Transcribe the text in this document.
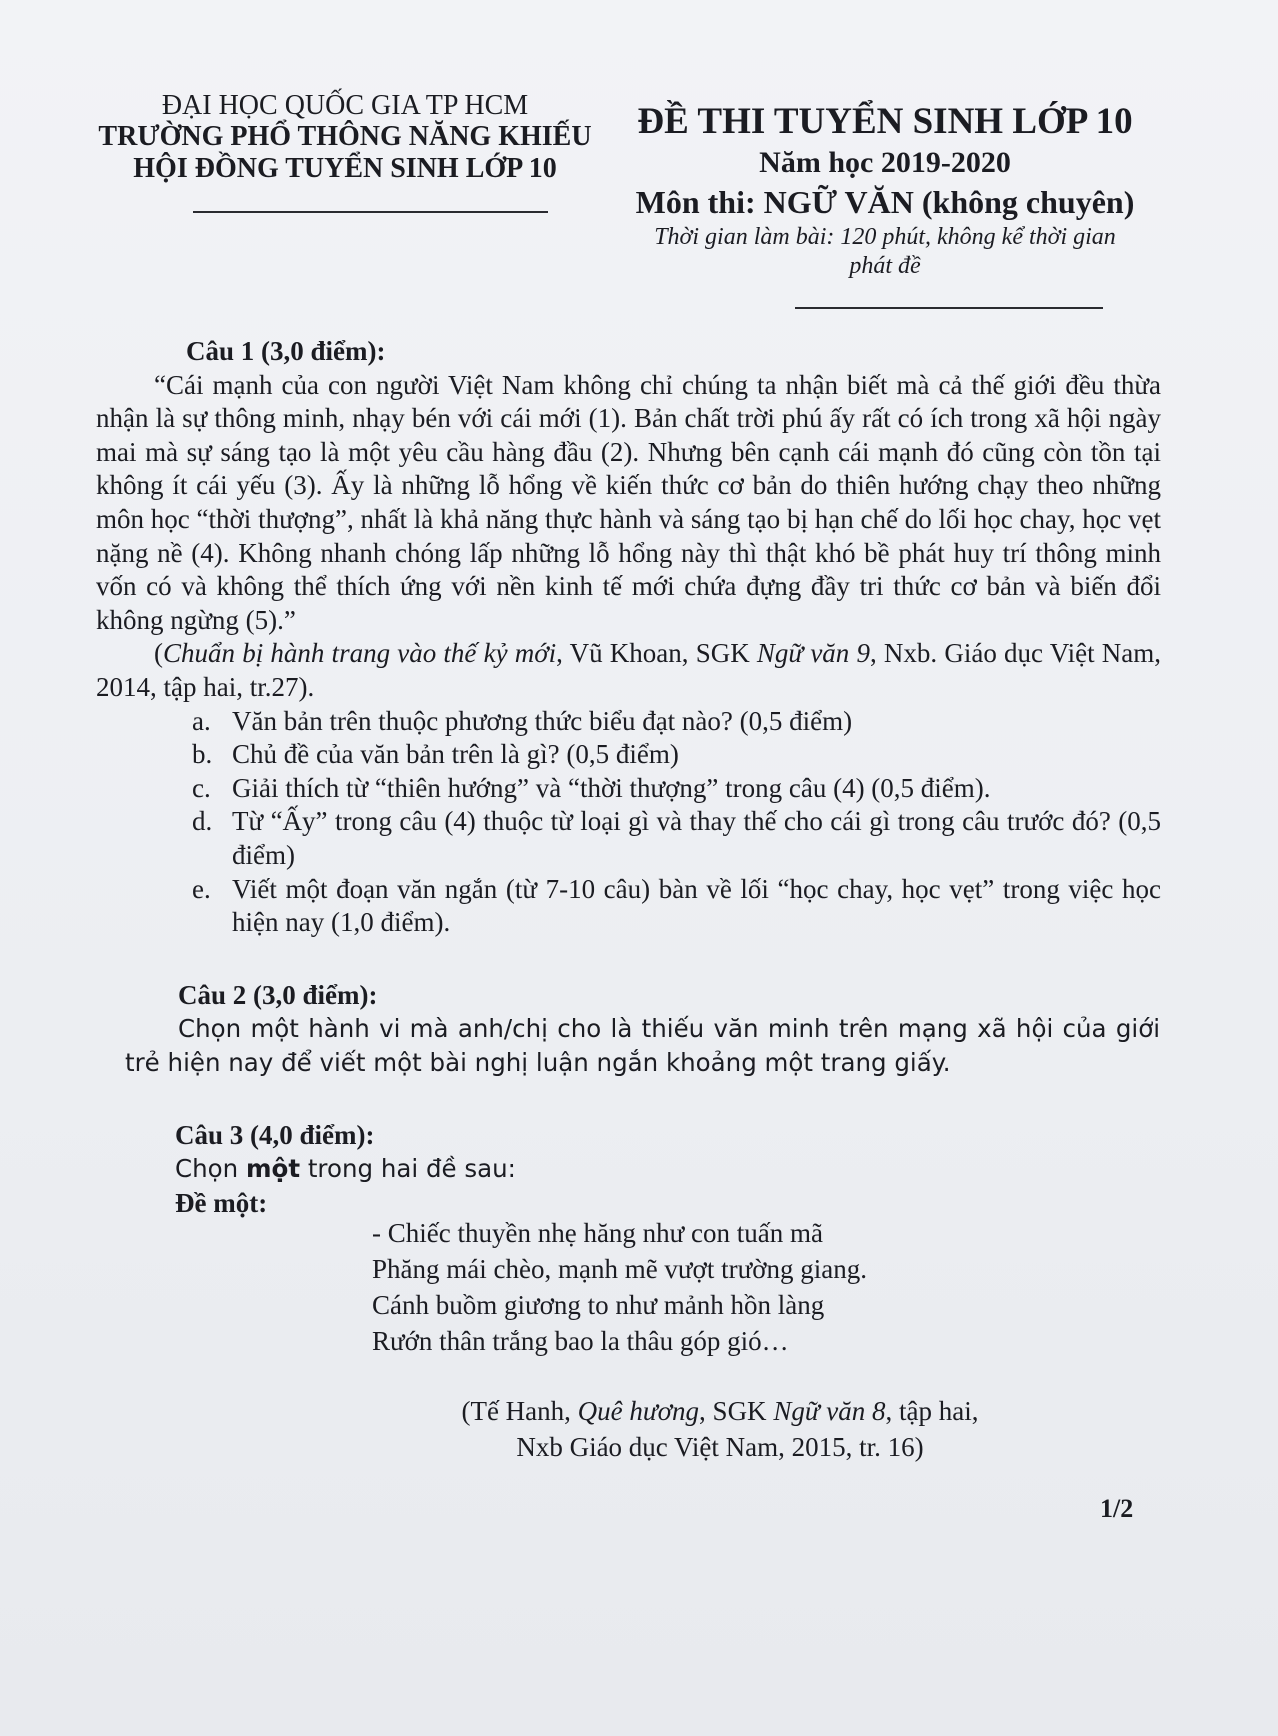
ĐẠI HỌC QUỐC GIA TP HCM
TRƯỜNG PHỔ THÔNG NĂNG KHIẾU
HỘI ĐỒNG TUYỂN SINH LỚP 10
ĐỀ THI TUYỂN SINH LỚP 10
Năm học 2019-2020
Môn thi: NGỮ VĂN (không chuyên)
Thời gian làm bài: 120 phút, không kể thời gian phát đề
Câu 1 (3,0 điểm):
“Cái mạnh của con người Việt Nam không chỉ chúng ta nhận biết mà cả thế giới đều thừa nhận là sự thông minh, nhạy bén với cái mới (1). Bản chất trời phú ấy rất có ích trong xã hội ngày mai mà sự sáng tạo là một yêu cầu hàng đầu (2). Nhưng bên cạnh cái mạnh đó cũng còn tồn tại không ít cái yếu (3). Ấy là những lỗ hổng về kiến thức cơ bản do thiên hướng chạy theo những môn học “thời thượng”, nhất là khả năng thực hành và sáng tạo bị hạn chế do lối học chay, học vẹt nặng nề (4). Không nhanh chóng lấp những lỗ hổng này thì thật khó bề phát huy trí thông minh vốn có và không thể thích ứng với nền kinh tế mới chứa đựng đầy tri thức cơ bản và biến đổi không ngừng (5).”
(Chuẩn bị hành trang vào thế kỷ mới, Vũ Khoan, SGK Ngữ văn 9, Nxb. Giáo dục Việt Nam, 2014, tập hai, tr.27).
a. Văn bản trên thuộc phương thức biểu đạt nào? (0,5 điểm)
b. Chủ đề của văn bản trên là gì? (0,5 điểm)
c. Giải thích từ “thiên hướng” và “thời thượng” trong câu (4) (0,5 điểm).
d. Từ “Ấy” trong câu (4) thuộc từ loại gì và thay thế cho cái gì trong câu trước đó? (0,5 điểm)
e. Viết một đoạn văn ngắn (từ 7-10 câu) bàn về lối “học chay, học vẹt” trong việc học hiện nay (1,0 điểm).
Câu 2 (3,0 điểm):
Chọn một hành vi mà anh/chị cho là thiếu văn minh trên mạng xã hội của giới trẻ hiện nay để viết một bài nghị luận ngắn khoảng một trang giấy.
Câu 3 (4,0 điểm):
Chọn một trong hai đề sau:
Đề một:
- Chiếc thuyền nhẹ hăng như con tuấn mã
Phăng mái chèo, mạnh mẽ vượt trường giang.
Cánh buồm giương to như mảnh hồn làng
Rướn thân trắng bao la thâu góp gió…
(Tế Hanh, Quê hương, SGK Ngữ văn 8, tập hai,
Nxb Giáo dục Việt Nam, 2015, tr. 16)
1/2
